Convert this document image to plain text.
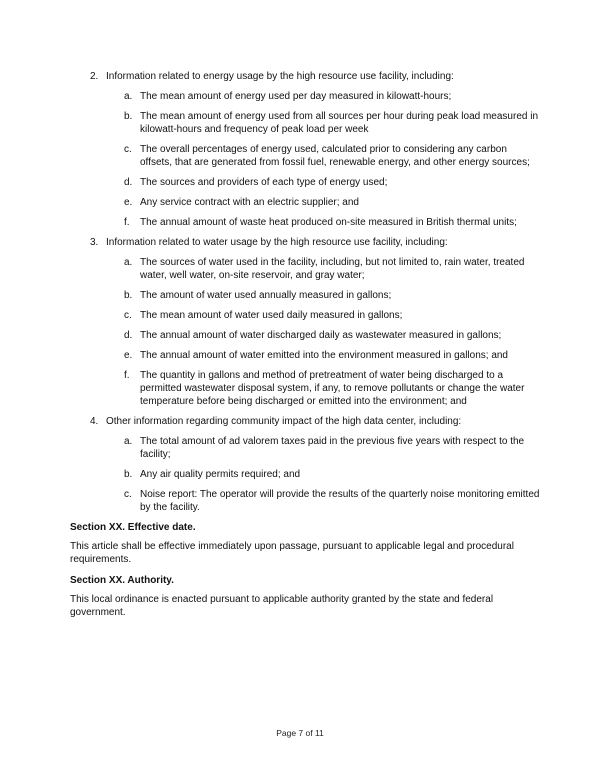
2. Information related to energy usage by the high resource use facility, including:
a. The mean amount of energy used per day measured in kilowatt-hours;
b. The mean amount of energy used from all sources per hour during peak load measured in kilowatt-hours and frequency of peak load per week
c. The overall percentages of energy used, calculated prior to considering any carbon offsets, that are generated from fossil fuel, renewable energy, and other energy sources;
d. The sources and providers of each type of energy used;
e. Any service contract with an electric supplier; and
f. The annual amount of waste heat produced on-site measured in British thermal units;
3. Information related to water usage by the high resource use facility, including:
a. The sources of water used in the facility, including, but not limited to, rain water, treated water, well water, on-site reservoir, and gray water;
b. The amount of water used annually measured in gallons;
c. The mean amount of water used daily measured in gallons;
d. The annual amount of water discharged daily as wastewater measured in gallons;
e. The annual amount of water emitted into the environment measured in gallons; and
f. The quantity in gallons and method of pretreatment of water being discharged to a permitted wastewater disposal system, if any, to remove pollutants or change the water temperature before being discharged or emitted into the environment; and
4. Other information regarding community impact of the high data center, including:
a. The total amount of ad valorem taxes paid in the previous five years with respect to the facility;
b. Any air quality permits required; and
c. Noise report: The operator will provide the results of the quarterly noise monitoring emitted by the facility.
Section XX. Effective date.
This article shall be effective immediately upon passage, pursuant to applicable legal and procedural requirements.
Section XX. Authority.
This local ordinance is enacted pursuant to applicable authority granted by the state and federal government.
Page 7 of 11
